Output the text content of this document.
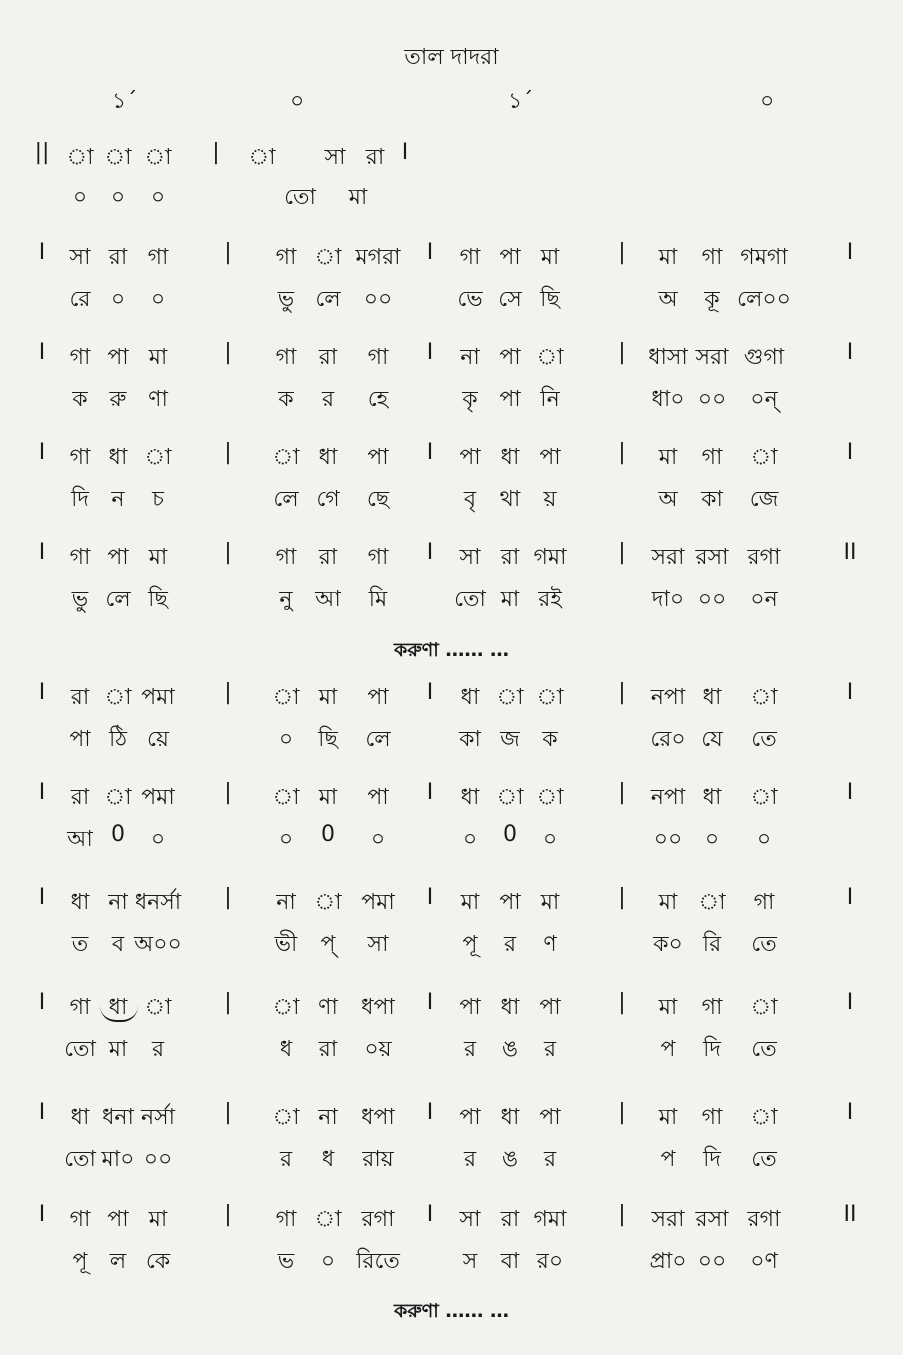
তাল দাদরা
১´	০	১´	০
|| া া া | া সা রা I
০ ০ ০	তো মা
I সা রা গা	| গা া মগরা I গা পা মা	| মা গা গমগা	I
রে ০ ০	ভু লে ০০	ভে সে ছি	অ কূ লে০০
I গা পা মা	| গা রা গা I না পা া | ধাসা সরা গুগা	I
ক রু ণা	ক র হে	কৃ পা নি	ধা০ ০০ ০ন্
I গা ধা া | া ধা পা I পা ধা পা	| মা গা া	I
দি ন চ	লে গে ছে	বৃ থা য়	অ কা জে
I গা পা মা	| গা রা গা I সা রা গমা | সরা রসা রগা	II
ভু লে ছি	নু আ মি	তো মা রই	দা০ ০০ ০ন
I রা া পমা | া মা পা I ধা া া | নপা ধা া	I
পা ঠি য়ে	০ ছি লে	কা জ ক	রে০ যে তে
I রা া পমা | া মা পা I ধা া া | নপা ধা া	I
আ 0 ০	০ 0 ০	০ 0 ০	০০ ০ ০
I ধা না ধনর্সা | না া পমা I মা পা মা	| মা া গা	I
ত ব অ০০	ভী প্ সা	পূ র ণ	ক০ রি তে
I গা ধা া | া ণা ধপা I পা ধা পা	| মা গা া	I
তো মা র	ধ রা ০য়	র ঙ র	প দি তে
I ধা ধনা নর্সা | া না ধপা I পা ধা পা	| মা গা া	I
তো মা০ ০০	র ধ রায়	র ঙ র	প দি তে
I গা পা মা	| গা া রগা I সা রা গমা | সরা রসা রগা	II
পূ ল কে	ভ ০ রিতে	স বা র০	প্রা০ ০০ ০ণ
করুণা …… …
করুণা …… …
